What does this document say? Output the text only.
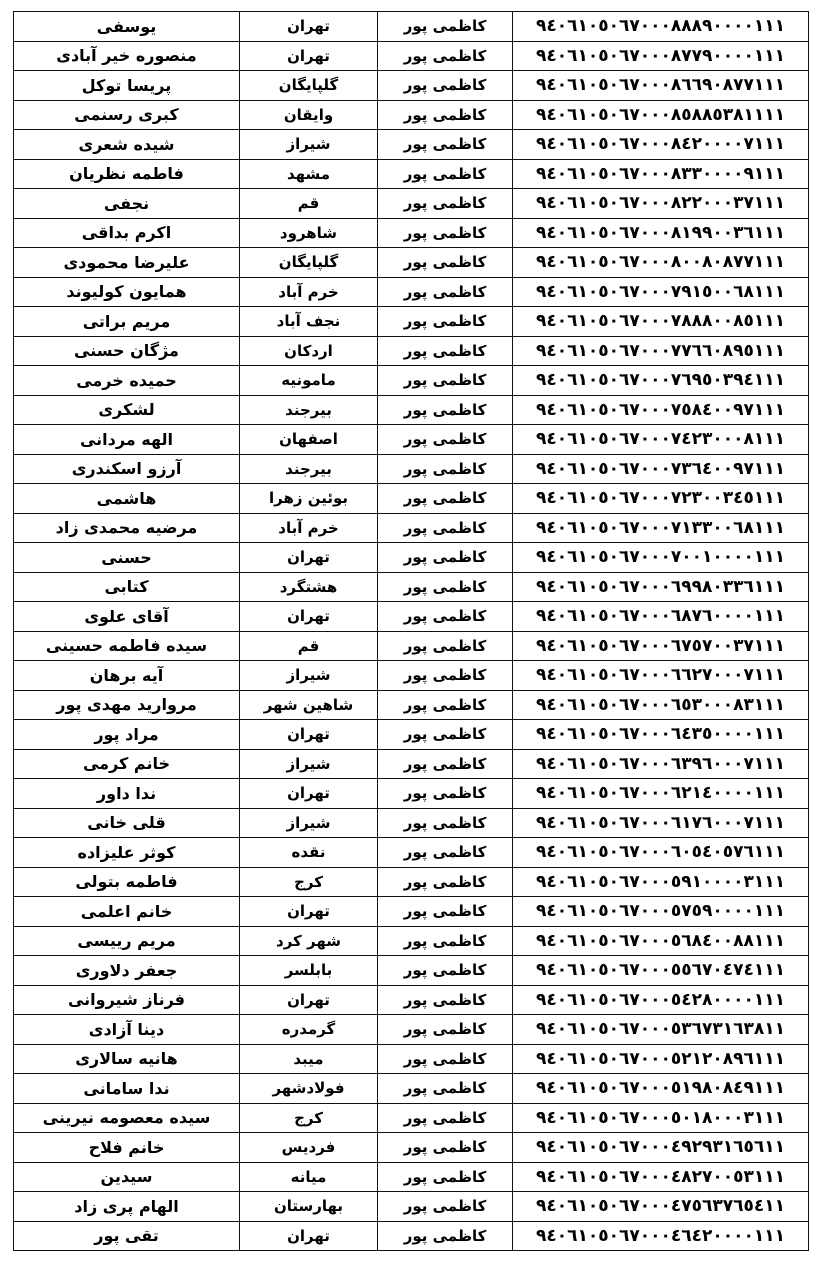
یوسفی	تهران	کاظمی پور	۹٤٠٦١٠٥٠٦٧٠٠٠٨٨٨٩٠٠٠٠١١١
منصوره خیر آبادی	تهران	کاظمی پور	۹٤٠٦١٠٥٠٦٧٠٠٠٨٧٧٩٠٠٠٠١١١
پریسا توکل	گلپایگان	کاظمی پور	۹٤٠٦١٠٥٠٦٧٠٠٠٨٦٦٩٠٨٧٧١١١
کبری رسنمی	وایقان	کاظمی پور	۹٤٠٦١٠٥٠٦٧٠٠٠٨٥٨٨٥٣٨١١١١
شیده شعری	شیراز	کاظمی پور	۹٤٠٦١٠٥٠٦٧٠٠٠٨٤٢٠٠٠٠٧١١١
فاطمه نظریان	مشهد	کاظمی پور	۹٤٠٦١٠٥٠٦٧٠٠٠٨٣٣٠٠٠٠٩١١١
نجفی	قم	کاظمی پور	۹٤٠٦١٠٥٠٦٧٠٠٠٨٢٢٠٠٠٣٧١١١
اکرم بداقی	شاهرود	کاظمی پور	۹٤٠٦١٠٥٠٦٧٠٠٠٨١٩٩٠٠٣٦١١١
علیرضا محمودی	گلپایگان	کاظمی پور	۹٤٠٦١٠٥٠٦٧٠٠٠٨٠٠٨٠٨٧٧١١١
همایون کولیوند	خرم آباد	کاظمی پور	۹٤٠٦١٠٥٠٦٧٠٠٠٧٩١٥٠٠٦٨١١١
مریم براتی	نجف آباد	کاظمی پور	۹٤٠٦١٠٥٠٦٧٠٠٠٧٨٨٨٠٠٨٥١١١
مژگان حسنی	اردکان	کاظمی پور	۹٤٠٦١٠٥٠٦٧٠٠٠٧٧٦٦٠٨٩٥١١١
حمیده خرمی	مامونیه	کاظمی پور	۹٤٠٦١٠٥٠٦٧٠٠٠٧٦٩٥٠٣٩٤١١١
لشکری	بیرجند	کاظمی پور	۹٤٠٦١٠٥٠٦٧٠٠٠٧٥٨٤٠٠٩٧١١١
الهه مردانی	اصفهان	کاظمی پور	۹٤٠٦١٠٥٠٦٧٠٠٠٧٤٢٣٠٠٠٨١١١
آرزو اسکندری	بیرجند	کاظمی پور	۹٤٠٦١٠٥٠٦٧٠٠٠٧٣٦٤٠٠٩٧١١١
هاشمی	بوئین زهرا	کاظمی پور	۹٤٠٦١٠٥٠٦٧٠٠٠٧٢٣٠٠٣٤٥١١١
مرضیه محمدی زاد	خرم آباد	کاظمی پور	۹٤٠٦١٠٥٠٦٧٠٠٠٧١٣٣٠٠٦٨١١١
حسنی	تهران	کاظمی پور	۹٤٠٦١٠٥٠٦٧٠٠٠٧٠٠١٠٠٠٠١١١
کتابی	هشتگرد	کاظمی پور	۹٤٠٦١٠٥٠٦٧٠٠٠٦٩٩٨٠٣٣٦١١١
آقای علوی	تهران	کاظمی پور	۹٤٠٦١٠٥٠٦٧٠٠٠٦٨٧٦٠٠٠٠١١١
سیده فاطمه حسینی	قم	کاظمی پور	۹٤٠٦١٠٥٠٦٧٠٠٠٦٧٥٧٠٠٣٧١١١
آیه برهان	شیراز	کاظمی پور	۹٤٠٦١٠٥٠٦٧٠٠٠٦٦٢٧٠٠٠٧١١١
مروارید مهدی پور	شاهین شهر	کاظمی پور	۹٤٠٦١٠٥٠٦٧٠٠٠٦٥٣٠٠٠٨٣١١١
مراد پور	تهران	کاظمی پور	۹٤٠٦١٠٥٠٦٧٠٠٠٦٤٣٥٠٠٠٠١١١
خانم کرمی	شیراز	کاظمی پور	۹٤٠٦١٠٥٠٦٧٠٠٠٦٣٩٦٠٠٠٧١١١
ندا داور	تهران	کاظمی پور	۹٤٠٦١٠٥٠٦٧٠٠٠٦٢١٤٠٠٠٠١١١
قلی خانی	شیراز	کاظمی پور	۹٤٠٦١٠٥٠٦٧٠٠٠٦١٧٦٠٠٠٧١١١
کوثر علیزاده	نقده	کاظمی پور	۹٤٠٦١٠٥٠٦٧٠٠٠٦٠٥٤٠٥٧٦١١١
فاطمه بتولی	کرج	کاظمی پور	۹٤٠٦١٠٥٠٦٧٠٠٠٥٩١٠٠٠٠٣١١١
خانم اعلمی	تهران	کاظمی پور	۹٤٠٦١٠٥٠٦٧٠٠٠٥٧٥٩٠٠٠٠١١١
مریم رییسی	شهر کرد	کاظمی پور	۹٤٠٦١٠٥٠٦٧٠٠٠٥٦٨٤٠٠٨٨١١١
جعفر دلاوری	بابلسر	کاظمی پور	۹٤٠٦١٠٥٠٦٧٠٠٠٥٥٦٧٠٤٧٤١١١
فرناز شیروانی	تهران	کاظمی پور	۹٤٠٦١٠٥٠٦٧٠٠٠٥٤٢٨٠٠٠٠١١١
دینا آزادی	گرمدره	کاظمی پور	۹٤٠٦١٠٥٠٦٧٠٠٠٥٣٦٧٣١٦٣٨١١
هانیه سالاری	میبد	کاظمی پور	۹٤٠٦١٠٥٠٦٧٠٠٠٥٢١٢٠٨٩٦١١١
ندا سامانی	فولادشهر	کاظمی پور	۹٤٠٦١٠٥٠٦٧٠٠٠٥١٩٨٠٨٤٩١١١
سیده معصومه نیرینی	کرج	کاظمی پور	۹٤٠٦١٠٥٠٦٧٠٠٠٥٠١٨٠٠٠٣١١١
خانم فلاح	فردیس	کاظمی پور	۹٤٠٦١٠٥٠٦٧٠٠٠٤٩٢٩٣١٦٥٦١١
سیدین	میانه	کاظمی پور	۹٤٠٦١٠٥٠٦٧٠٠٠٤٨٢٧٠٠٥٣١١١
الهام پری زاد	بهارستان	کاظمی پور	۹٤٠٦١٠٥٠٦٧٠٠٠٤٧٥٦٣٧٦٥٤١١
تقی پور	تهران	کاظمی پور	۹٤٠٦١٠٥٠٦٧٠٠٠٤٦٤٢٠٠٠٠١١١
